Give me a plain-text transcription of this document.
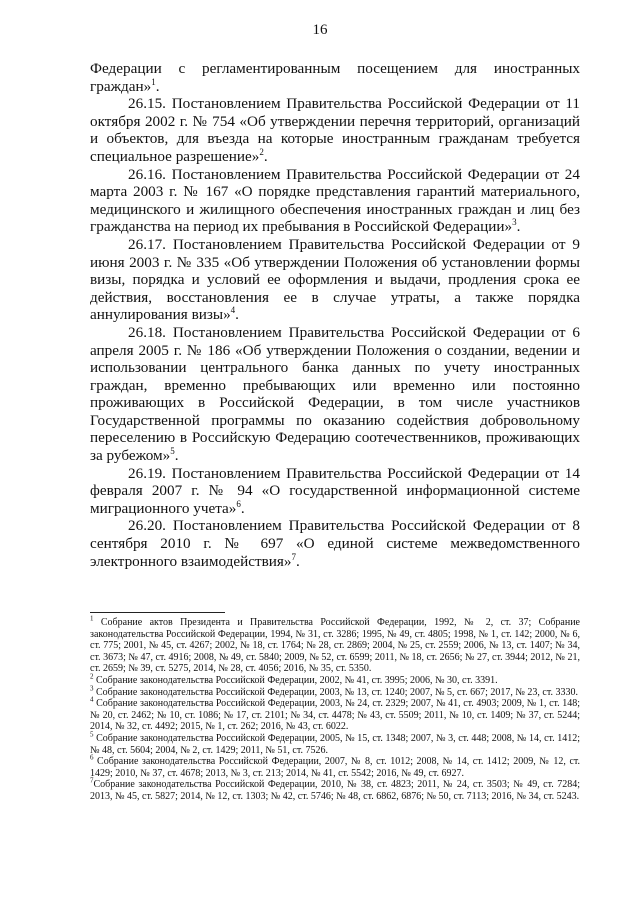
16

Федерации с регламентированным посещением для иностранных граждан»$^1$.

26.15. Постановлением Правительства Российской Федерации от 11 октября 2002 г. № 754 «Об утверждении перечня территорий, организаций и объектов, для въезда на которые иностранным гражданам требуется специальное разрешение»$^2$.

26.16. Постановлением Правительства Российской Федерации от 24 марта 2003 г. № 167 «О порядке представления гарантий материального, медицинского и жилищного обеспечения иностранных граждан и лиц без гражданства на период их пребывания в Российской Федерации»$^3$.

26.17. Постановлением Правительства Российской Федерации от 9 июня 2003 г. № 335 «Об утверждении Положения об установлении формы визы, порядка и условий ее оформления и выдачи, продления срока ее действия, восстановления ее в случае утраты, а также порядка аннулирования визы»$^4$.

26.18. Постановлением Правительства Российской Федерации от 6 апреля 2005 г. № 186 «Об утверждении Положения о создании, ведении и использовании центрального банка данных по учету иностранных граждан, временно пребывающих или временно или постоянно проживающих в Российской Федерации, в том числе участников Государственной программы по оказанию содействия добровольному переселению в Российскую Федерацию соотечественников, проживающих за рубежом»$^5$.

26.19. Постановлением Правительства Российской Федерации от 14 февраля 2007 г. № 94 «О государственной информационной системе миграционного учета»$^6$.

26.20. Постановлением Правительства Российской Федерации от 8 сентября 2010 г. № 697 «О единой системе межведомственного электронного взаимодействия»$^7$.

$^1$ Собрание актов Президента и Правительства Российской Федерации, 1992, № 2, ст. 37; Собрание законодательства Российской Федерации, 1994, № 31, ст. 3286; 1995, № 49, ст. 4805; 1998, № 1, ст. 142; 2000, № 6, ст. 775; 2001, № 45, ст. 4267; 2002, № 18, ст. 1764; № 28, ст. 2869; 2004, № 25, ст. 2559; 2006, № 13, ст. 1407; № 34, ст. 3673; № 47, ст. 4916; 2008, № 49, ст. 5840; 2009, № 52, ст. 6599; 2011, № 18, ст. 2656; № 27, ст. 3944; 2012, № 21, ст. 2659; № 39, ст. 5275, 2014, № 28, ст. 4056; 2016, № 35, ст. 5350.

$^2$ Собрание законодательства Российской Федерации, 2002, № 41, ст. 3995; 2006, № 30, ст. 3391.

$^3$ Собрание законодательства Российской Федерации, 2003, № 13, ст. 1240; 2007, № 5, ст. 667; 2017, № 23, ст. 3330.

$^4$ Собрание законодательства Российской Федерации, 2003, № 24, ст. 2329; 2007, № 41, ст. 4903; 2009, № 1, ст. 148; № 20, ст. 2462; № 10, ст. 1086; № 17, ст. 2101; № 34, ст. 4478; № 43, ст. 5509; 2011, № 10, ст. 1409; № 37, ст. 5244; 2014, № 32, ст. 4492; 2015, № 1, ст. 262; 2016, № 43, ст. 6022.

$^5$ Собрание законодательства Российской Федерации, 2005, № 15, ст. 1348; 2007, № 3, ст. 448; 2008, № 14, ст. 1412; № 48, ст. 5604; 2004, № 2, ст. 1429; 2011, № 51, ст. 7526.

$^6$ Собрание законодательства Российской Федерации, 2007, № 8, ст. 1012; 2008, № 14, ст. 1412; 2009, № 12, ст. 1429; 2010, № 37, ст. 4678; 2013, № 3, ст. 213; 2014, № 41, ст. 5542; 2016, № 49, ст. 6927.

$^7$Собрание законодательства Российской Федерации, 2010, № 38, ст. 4823; 2011, № 24, ст. 3503; № 49, ст. 7284; 2013, № 45, ст. 5827; 2014, № 12, ст. 1303; № 42, ст. 5746; № 48, ст. 6862, 6876; № 50, ст. 7113; 2016, № 34, ст. 5243.
